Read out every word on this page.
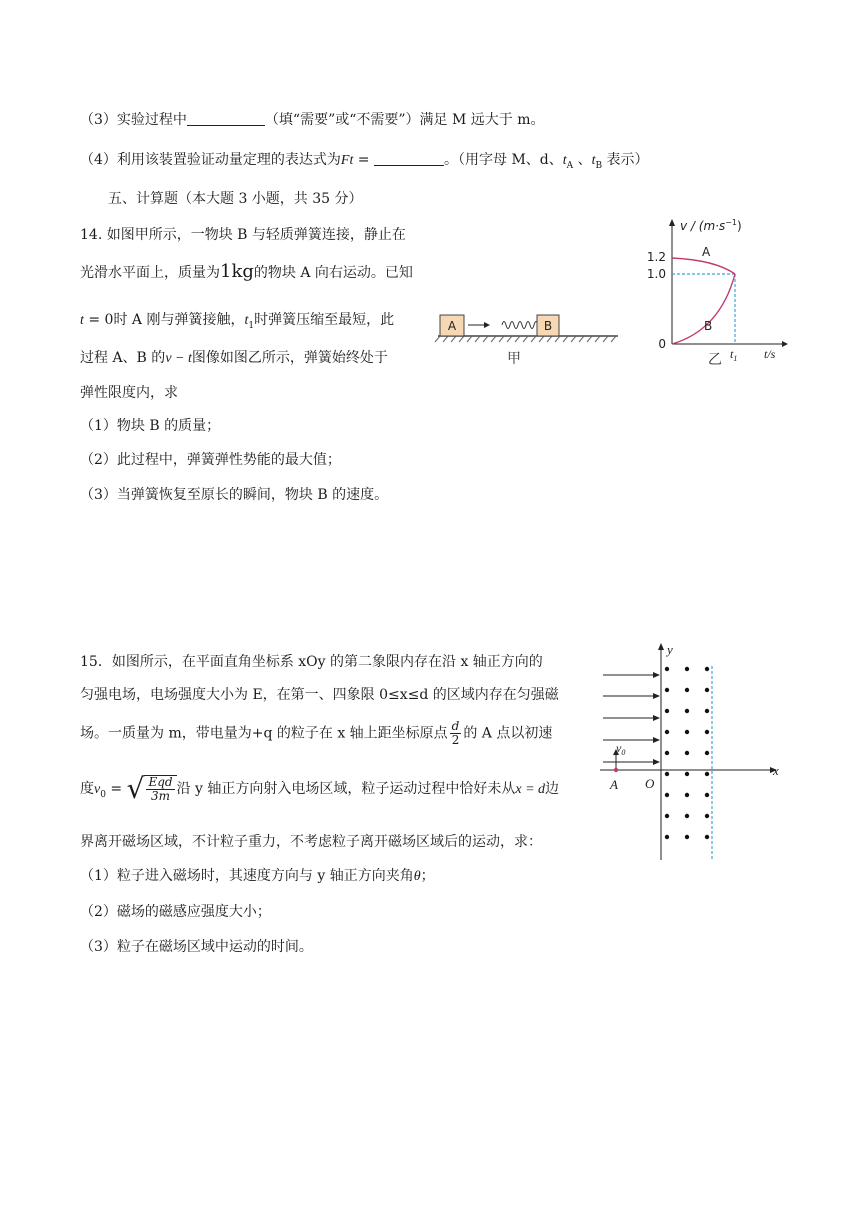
（3）实验过程中	（填“需要”或“不需要”）满足 M 远大于 m。
（4）利用该装置验证动量定理的表达式为Ft =	。（用字母 M、d、$t_A$ 、$t_B$ 表示）
五、计算题（本大题 3 小题，共 35 分）
14. 如图甲所示，一物块 B 与轻质弹簧连接，静止在
光滑水平面上，质量为1kg的物块 A 向右运动。已知
t = 0时 A 刚与弹簧接触，$t_1$时弹簧压缩至最短，此
过程 A、B 的v − t图像如图乙所示，弹簧始终处于
弹性限度内，求
（1）物块 B 的质量；
（2）此过程中，弹簧弹性势能的最大值；
（3）当弹簧恢复至原长的瞬间，物块 B 的速度。
A	B
甲
$v / (m\cdot s^{-1})$
1.2
1.0
0
A
B
$t_1$ t/s
乙
15．如图所示，在平面直角坐标系 xOy 的第二象限内存在沿 x 轴正方向的
匀强电场，电场强度大小为 E，在第一、四象限 0≤x≤d 的区域内存在匀强磁
场。一质量为 m，带电量为+q 的粒子在 x 轴上距坐标原点 $\frac{d}{2}$ 的 A 点以初速
度$v_0$ = √ $\frac{\text{Eqd}}{3m}$ 沿 y 轴正方向射入电场区域，粒子运动过程中恰好未从x = d边
界离开磁场区域，不计粒子重力，不考虑粒子离开磁场区域后的运动，求：
（1）粒子进入磁场时，其速度方向与 y 轴正方向夹角θ；
（2）磁场的磁感应强度大小；
（3）粒子在磁场区域中运动的时间。
y
x
O
$v_0$
A
